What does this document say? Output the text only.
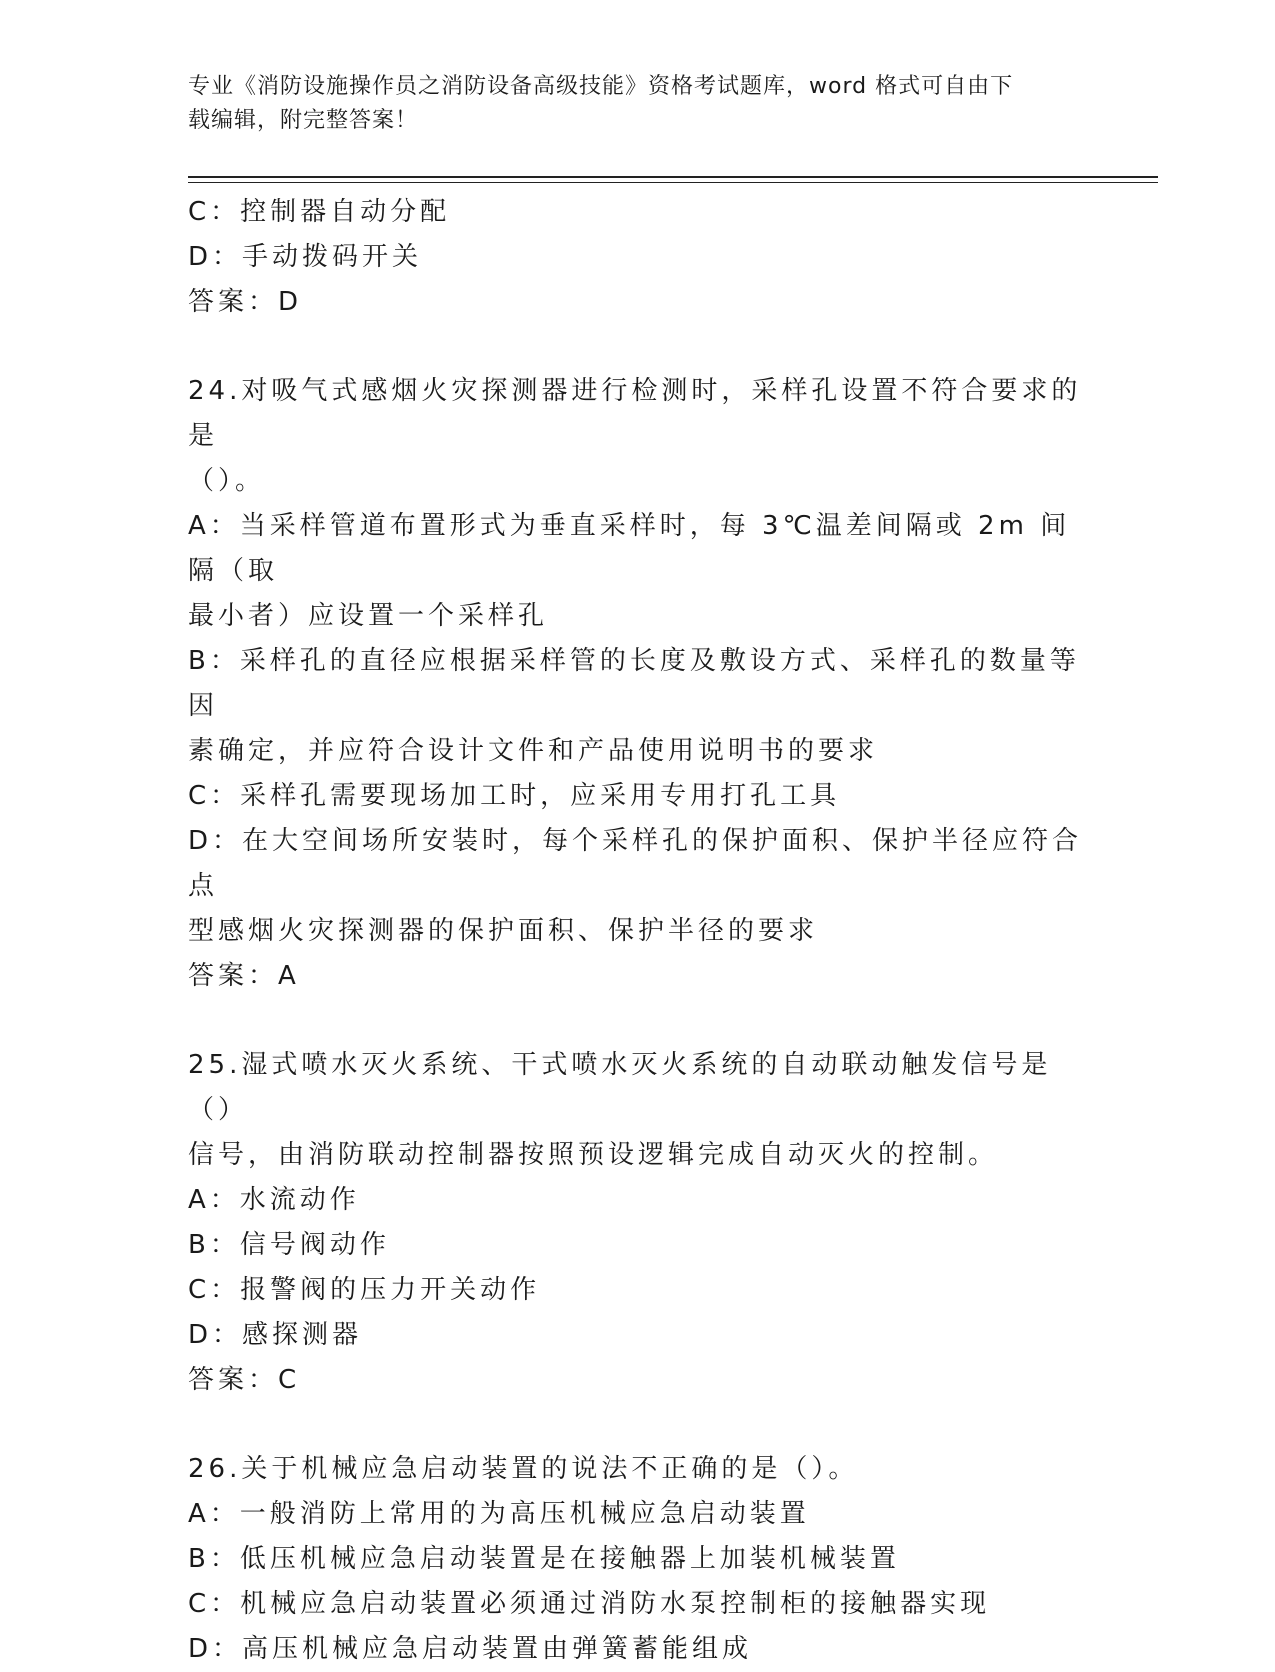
专业《消防设施操作员之消防设备高级技能》资格考试题库，word 格式可自由下
载编辑，附完整答案！
C：控制器自动分配
D：手动拨码开关
答案：D
24.对吸气式感烟火灾探测器进行检测时，采样孔设置不符合要求的是
（）。
A：当采样管道布置形式为垂直采样时，每 3℃温差间隔或 2m 间隔（取
最小者）应设置一个采样孔
B：采样孔的直径应根据采样管的长度及敷设方式、采样孔的数量等因
素确定，并应符合设计文件和产品使用说明书的要求
C：采样孔需要现场加工时，应采用专用打孔工具
D：在大空间场所安装时，每个采样孔的保护面积、保护半径应符合点
型感烟火灾探测器的保护面积、保护半径的要求
答案：A
25.湿式喷水灭火系统、干式喷水灭火系统的自动联动触发信号是（）
信号，由消防联动控制器按照预设逻辑完成自动灭火的控制。
A：水流动作
B：信号阀动作
C：报警阀的压力开关动作
D：感探测器
答案：C
26.关于机械应急启动装置的说法不正确的是（）。
A：一般消防上常用的为高压机械应急启动装置
B：低压机械应急启动装置是在接触器上加装机械装置
C：机械应急启动装置必须通过消防水泵控制柜的接触器实现
D：高压机械应急启动装置由弹簧蓄能组成
